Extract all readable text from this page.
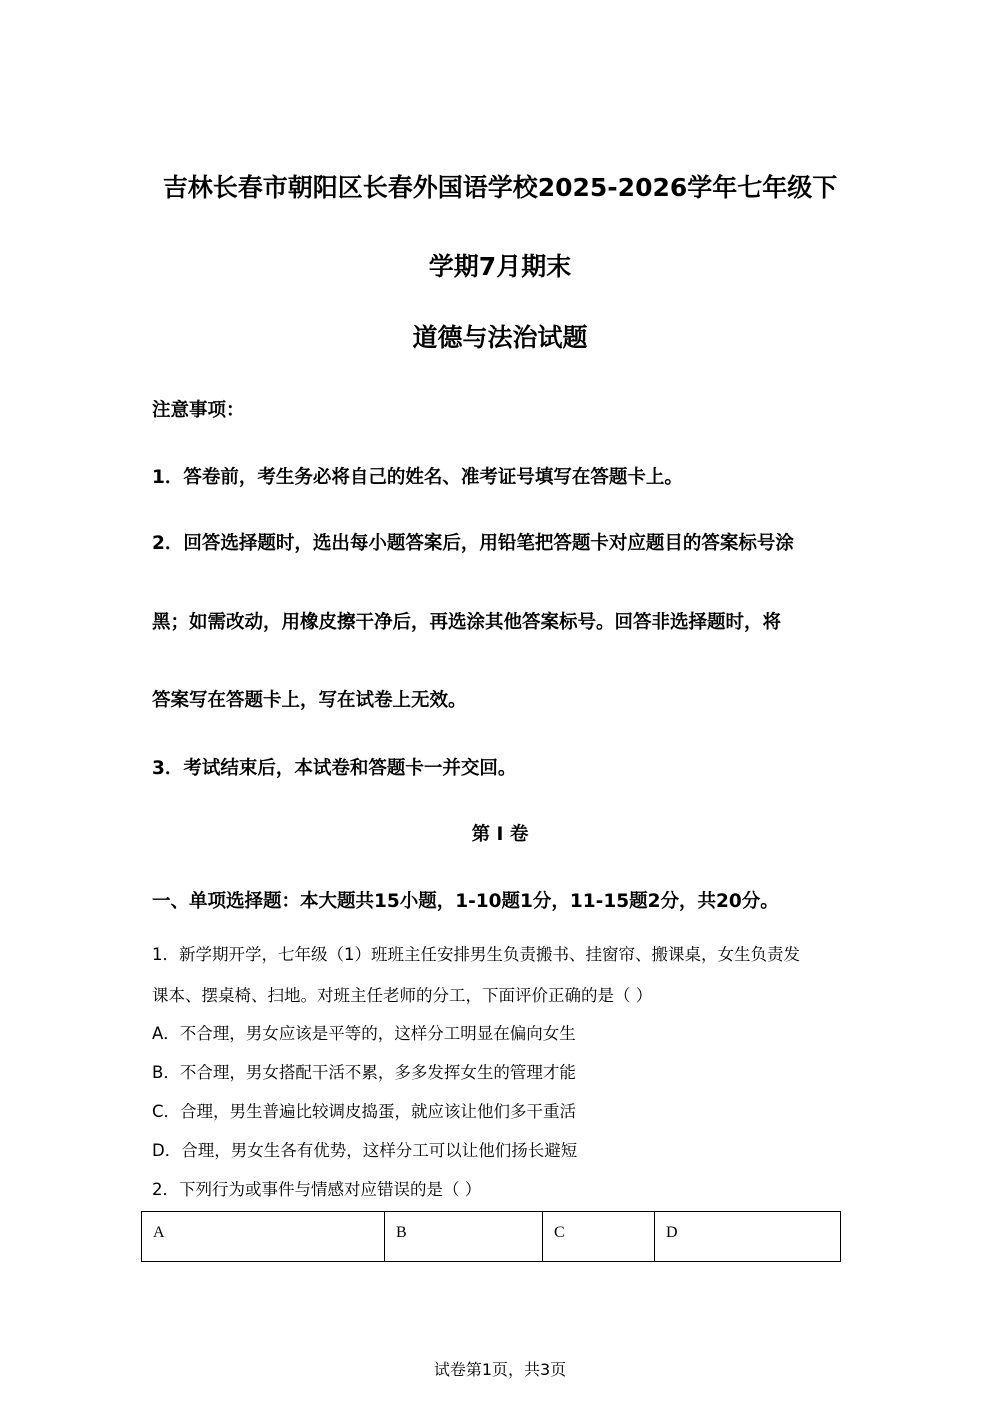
吉林长春市朝阳区长春外国语学校2025-2026学年七年级下
学期7月期末
道德与法治试题
注意事项：
1．答卷前，考生务必将自己的姓名、准考证号填写在答题卡上。
2．回答选择题时，选出每小题答案后，用铅笔把答题卡对应题目的答案标号涂
黑；如需改动，用橡皮擦干净后，再选涂其他答案标号。回答非选择题时，将
答案写在答题卡上，写在试卷上无效。
3．考试结束后，本试卷和答题卡一并交回。
第 I 卷
一、单项选择题：本大题共15小题，1-10题1分，11-15题2分，共20分。
1．新学期开学，七年级（1）班班主任安排男生负责搬书、挂窗帘、搬课桌，女生负责发
课本、摆桌椅、扫地。对班主任老师的分工，下面评价正确的是（ ）
A．不合理，男女应该是平等的，这样分工明显在偏向女生
B．不合理，男女搭配干活不累，多多发挥女生的管理才能
C．合理，男生普遍比较调皮捣蛋，就应该让他们多干重活
D．合理，男女生各有优势，这样分工可以让他们扬长避短
2．下列行为或事件与情感对应错误的是（ ）
A	B	C	D
试卷第1页，共3页
